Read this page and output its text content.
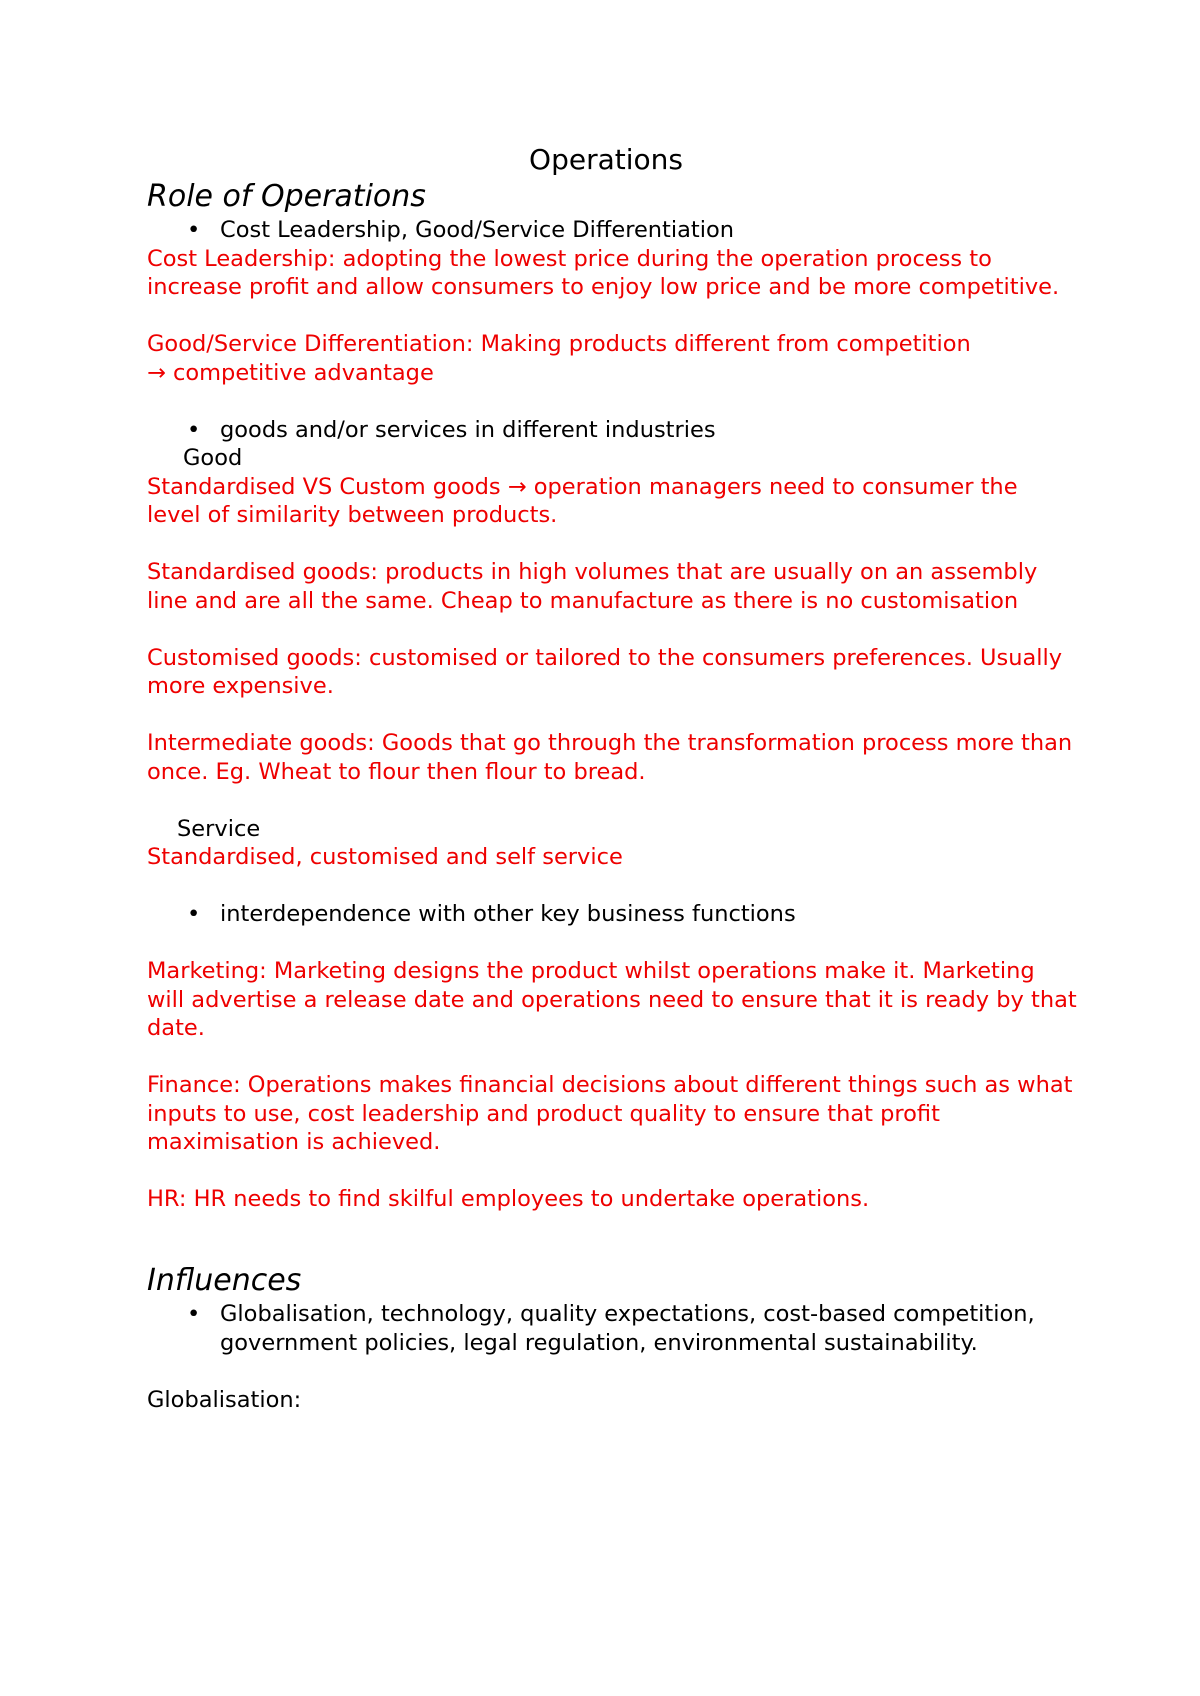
Operations

Role of Operations

• Cost Leadership, Good/Service Differentiation

Cost Leadership: adopting the lowest price during the operation process to increase profit and allow consumers to enjoy low price and be more competitive.

Good/Service Differentiation: Making products different from competition

→ competitive advantage

• goods and/or services in different industries

Good

Standardised VS Custom goods → operation managers need to consumer the level of similarity between products.

Standardised goods: products in high volumes that are usually on an assembly line and are all the same. Cheap to manufacture as there is no customisation

Customised goods: customised or tailored to the consumers preferences. Usually more expensive.

Intermediate goods: Goods that go through the transformation process more than once. Eg. Wheat to flour then flour to bread.

Service

Standardised, customised and self service

• interdependence with other key business functions

Marketing: Marketing designs the product whilst operations make it. Marketing will advertise a release date and operations need to ensure that it is ready by that date.

Finance: Operations makes financial decisions about different things such as what inputs to use, cost leadership and product quality to ensure that profit maximisation is achieved.

HR: HR needs to find skilful employees to undertake operations.

Influences

• Globalisation, technology, quality expectations, cost-based competition, government policies, legal regulation, environmental sustainability.

Globalisation:
